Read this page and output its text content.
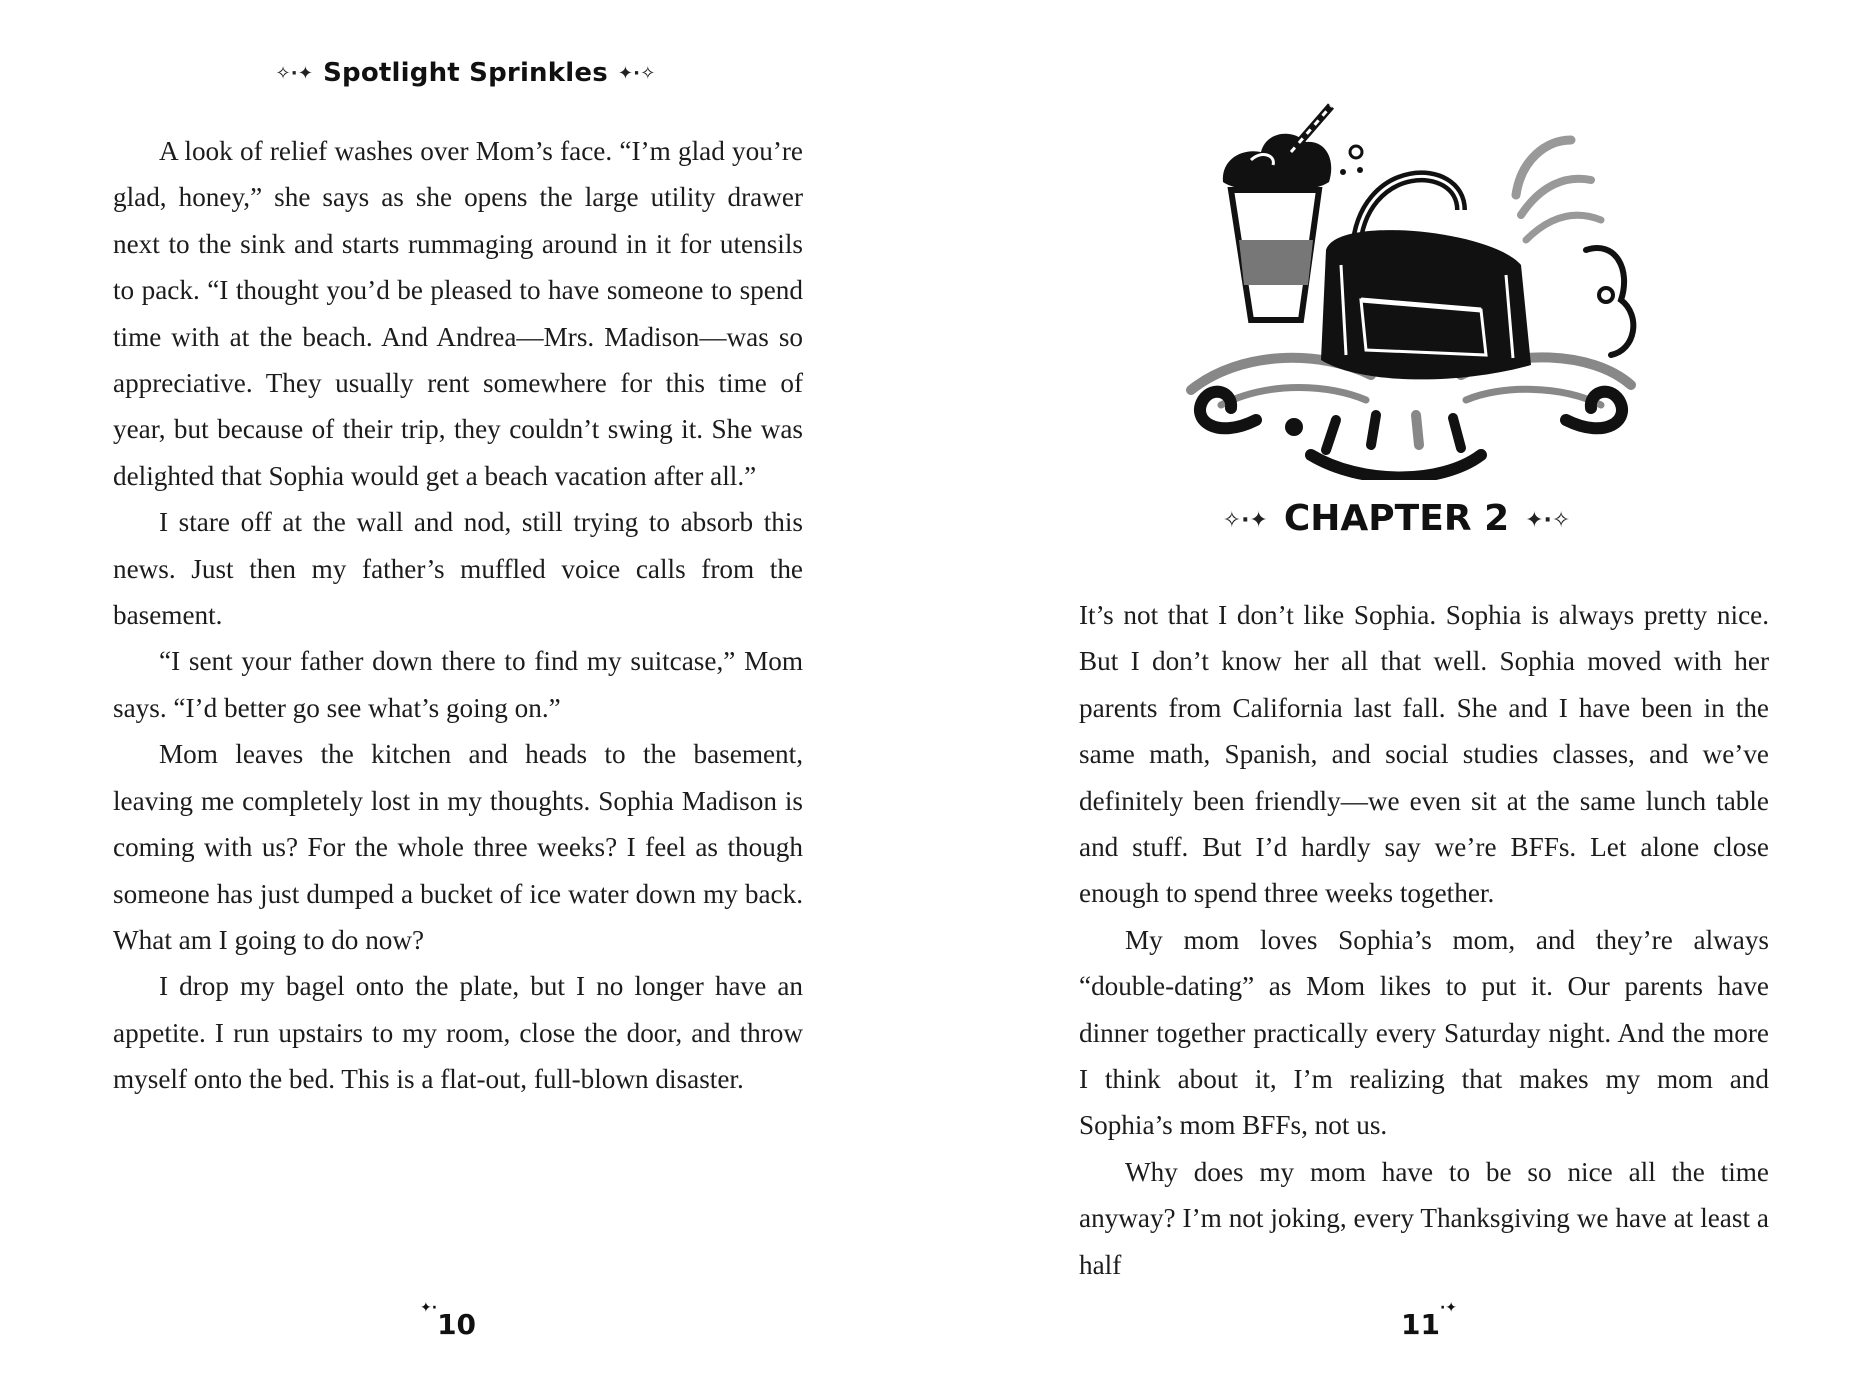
✧·✦ Spotlight Sprinkles ✦·✧

A look of relief washes over Mom’s face. “I’m glad you’re glad, honey,” she says as she opens the large utility drawer next to the sink and starts rummaging around in it for utensils to pack. “I thought you’d be pleased to have someone to spend time with at the beach. And Andrea—Mrs. Madison—was so appreciative. They usually rent somewhere for this time of year, but because of their trip, they couldn’t swing it. She was delighted that Sophia would get a beach vacation after all.”

I stare off at the wall and nod, still trying to absorb this news. Just then my father’s muffled voice calls from the basement.

“I sent your father down there to find my suitcase,” Mom says. “I’d better go see what’s going on.”

Mom leaves the kitchen and heads to the basement, leaving me completely lost in my thoughts. Sophia Madison is coming with us? For the whole three weeks? I feel as though someone has just dumped a bucket of ice water down my back. What am I going to do now?

I drop my bagel onto the plate, but I no longer have an appetite. I run upstairs to my room, close the door, and throw myself onto the bed. This is a flat-out, full-blown disaster.

✦·10
✧·✦ CHAPTER 2 ✦·✧

It’s not that I don’t like Sophia. Sophia is always pretty nice. But I don’t know her all that well. Sophia moved with her parents from California last fall. She and I have been in the same math, Spanish, and social studies classes, and we’ve definitely been friendly—we even sit at the same lunch table and stuff. But I’d hardly say we’re BFFs. Let alone close enough to spend three weeks together.

My mom loves Sophia’s mom, and they’re always “double-dating” as Mom likes to put it. Our parents have dinner together practically every Saturday night. And the more I think about it, I’m realizing that makes my mom and Sophia’s mom BFFs, not us.

Why does my mom have to be so nice all the time anyway? I’m not joking, every Thanksgiving we have at least a half

11·✦
